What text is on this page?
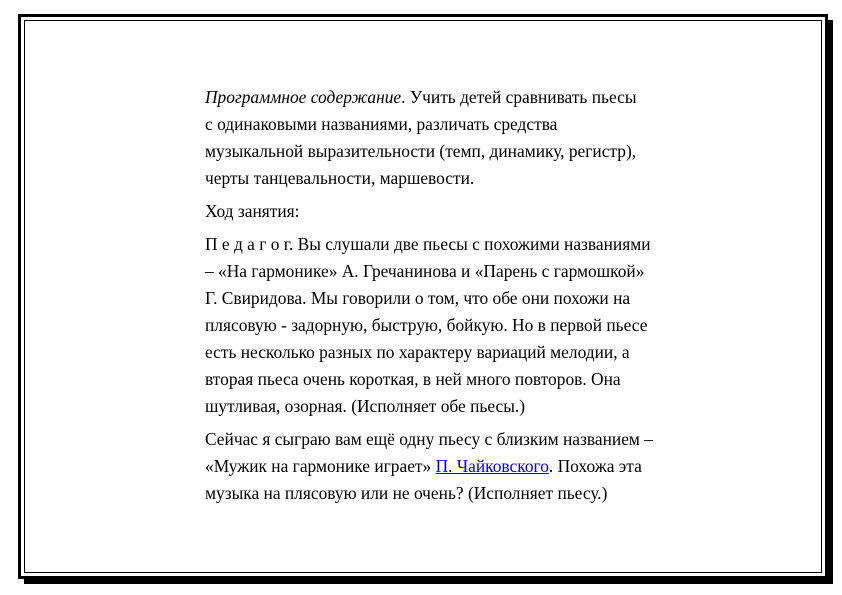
Программное содержание. Учить детей сравнивать пьесы
с одинаковыми названиями, различать средства
музыкальной выразительности (темп, динамику, регистр),
черты танцевальности, маршевости.

Ход занятия:

П е д а г о г. Вы слушали две пьесы с похожими названиями
– «На гармонике» А. Гречанинова и «Парень с гармошкой»
Г. Свиридова. Мы говорили о том, что обе они похожи на
плясовую - задорную, быструю, бойкую. Но в первой пьесе
есть несколько разных по характеру вариаций мелодии, а
вторая пьеса очень короткая, в ней много повторов. Она
шутливая, озорная. (Исполняет обе пьесы.)

Сейчас я сыграю вам ещё одну пьесу с близким названием –
«Мужик на гармонике играет» П. Чайковского. Похожа эта
музыка на плясовую или не очень? (Исполняет пьесу.)
